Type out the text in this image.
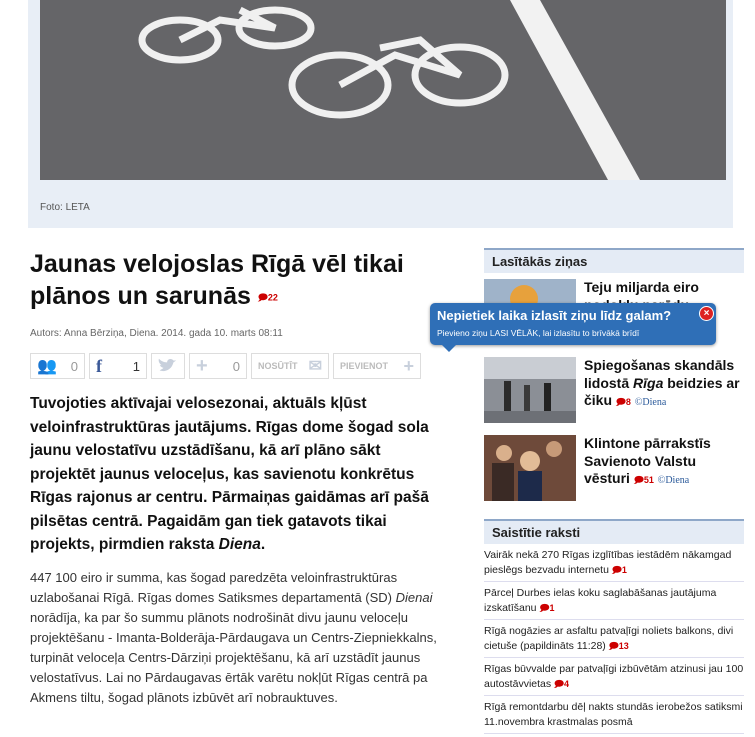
Foto: LETA
Jaunas velojoslas Rīgā vēl tikai plānos un sarunās 🗩22
Autors: Anna Bērziņa, Diena. 2014. gada 10. marts 08:11
👥 0 f 1	+ 0 NOSŪTĪT ✉ PIEVIENOT +
Tuvojoties aktīvajai velosezonai, aktuāls kļūst veloinfrastruktūras jautājums. Rīgas dome šogad sola jaunu velostatīvu uzstādīšanu, kā arī plāno sākt projektēt jaunus veloceļus, kas savienotu konkrētus Rīgas rajonus ar centru. Pārmaiņas gaidāmas arī pašā pilsētas centrā. Pagaidām gan tiek gatavots tikai projekts, pirmdien raksta Diena.
447 100 eiro ir summa, kas šogad paredzēta veloinfrastruktūras uzlabošanai Rīgā. Rīgas domes Satiksmes departamentā (SD) Dienai norādīja, ka par šo summu plānots nodrošināt divu jaunu veloceļu projektēšanu - Imanta-Bolderāja-Pārdaugava un Centrs-Ziepniekkalns, turpināt veloceļa Centrs-Dārziņi projektēšanu, kā arī uzstādīt jaunus velostatīvus. Lai no Pārdaugavas ērtāk varētu nokļūt Rīgas centrā pa Akmens tiltu, šogad plānots izbūvēt arī nobrauktuves.
Lasītākās ziņas
Teju miljarda eiro
Spiegošanas skandāls lidostā Rīga beidzies ar čiku 🗩8 ©Diena
Klintone pārrakstīs Savienoto Valstu vēsturi 🗩51 ©Diena
Saistītie raksti
Vairāk nekā 270 Rīgas izglītības iestādēm nākamgad pieslēgs bezvadu internetu 🗩1
Pārceļ Durbes ielas koku saglabāšanas jautājuma izskatīšanu 🗩1
Rīgā nogāzies ar asfaltu patvaļīgi noliets balkons, divi cietuše (papildināts 11:28) 🗩13
Rīgas būvvalde par patvaļīgi izbūvētām atzinusi jau 100 autostāvvietas 🗩4
Rīgā remontdarbu dēļ nakts stundās ierobežos satiksmi 11.novembra krastmalas posmā
Nepietiek laika izlasīt ziņu līdz galam?
Pievieno ziņu LASI VĒLĀK, lai izlasītu to brīvākā brīdī
×
